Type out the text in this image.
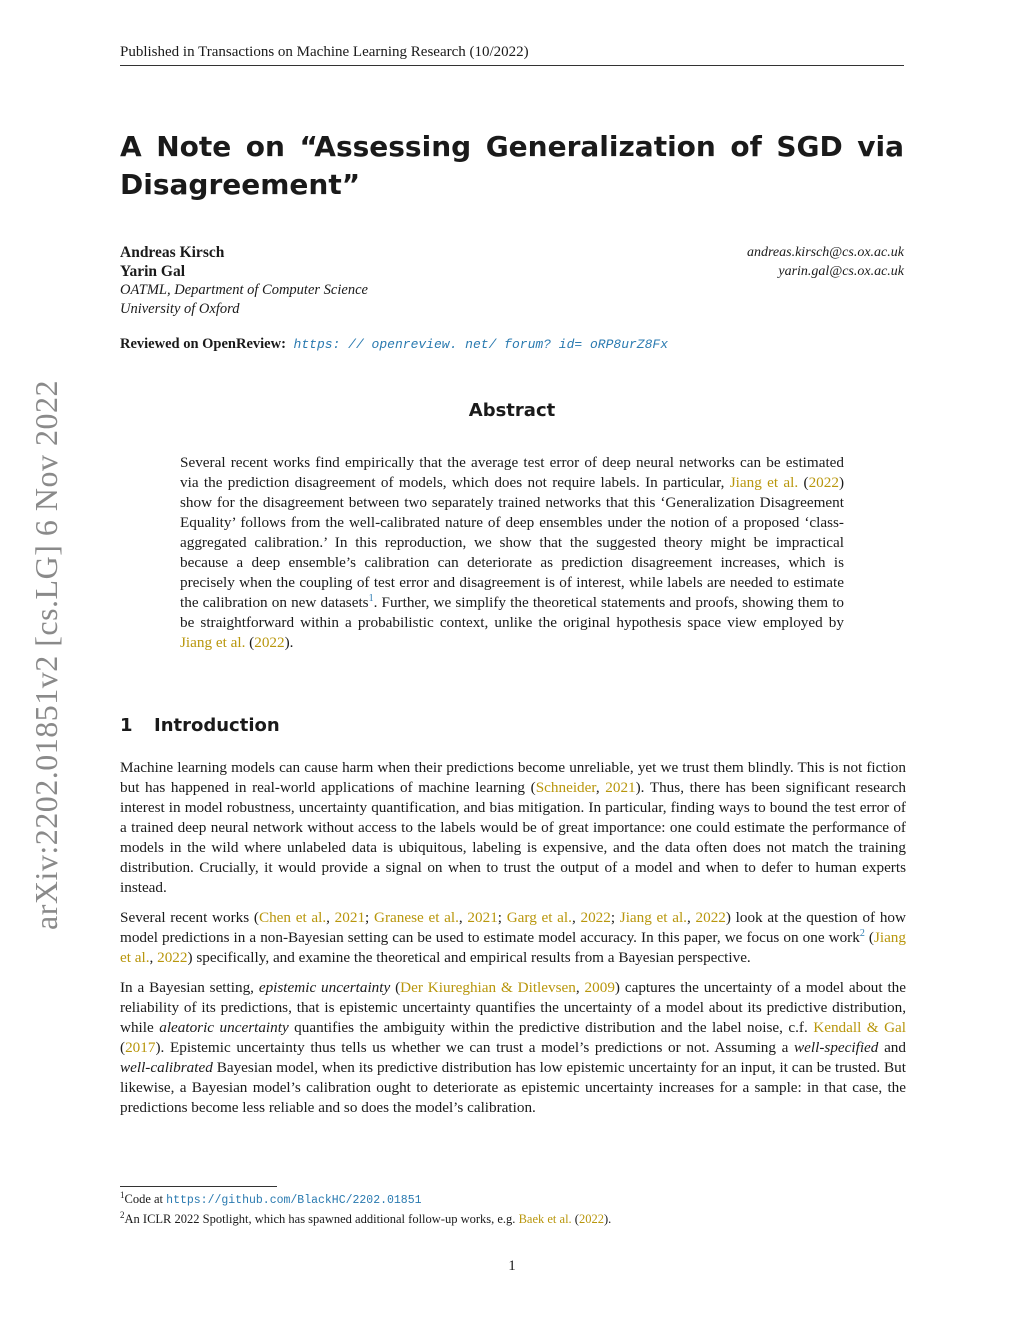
Published in Transactions on Machine Learning Research (10/2022)
arXiv:2202.01851v2 [cs.LG] 6 Nov 2022
A Note on “Assessing Generalization of SGD via
Disagreement”
Andreas Kirsch	andreas.kirsch@cs.ox.ac.uk
Yarin Gal	yarin.gal@cs.ox.ac.uk
OATML, Department of Computer Science
University of Oxford
Reviewed on OpenReview: https: // openreview. net/ forum? id= oRP8urZ8Fx
Abstract
Several recent works find empirically that the average test error of deep neural networks can be estimated via the prediction disagreement of models, which does not require labels. In particular, Jiang et al. (2022) show for the disagreement between two separately trained networks that this ‘Generalization Disagreement Equality’ follows from the well-calibrated nature of deep ensembles under the notion of a proposed ‘class-aggregated calibration.’ In this reproduction, we show that the suggested theory might be impractical because a deep ensemble’s calibration can deteriorate as prediction disagreement increases, which is precisely when the coupling of test error and disagreement is of interest, while labels are needed to estimate the calibration on new datasets$^1$. Further, we simplify the theoretical statements and proofs, showing them to be straightforward within a probabilistic context, unlike the original hypothesis space view employed by Jiang et al. (2022).
1 Introduction

Machine learning models can cause harm when their predictions become unreliable, yet we trust them blindly. This is not fiction but has happened in real-world applications of machine learning (Schneider, 2021). Thus, there has been significant research interest in model robustness, uncertainty quantification, and bias mitigation. In particular, finding ways to bound the test error of a trained deep neural network without access to the labels would be of great importance: one could estimate the performance of models in the wild where unlabeled data is ubiquitous, labeling is expensive, and the data often does not match the training distribution. Crucially, it would provide a signal on when to trust the output of a model and when to defer to human experts instead.

Several recent works (Chen et al., 2021; Granese et al., 2021; Garg et al., 2022; Jiang et al., 2022) look at the question of how model predictions in a non-Bayesian setting can be used to estimate model accuracy. In this paper, we focus on one work$^2$ (Jiang et al., 2022) specifically, and examine the theoretical and empirical results from a Bayesian perspective.

In a Bayesian setting, epistemic uncertainty (Der Kiureghian & Ditlevsen, 2009) captures the uncertainty of a model about the reliability of its predictions, that is epistemic uncertainty quantifies the uncertainty of a model about its predictive distribution, while aleatoric uncertainty quantifies the ambiguity within the predictive distribution and the label noise, c.f. Kendall & Gal (2017). Epistemic uncertainty thus tells us whether we can trust a model’s predictions or not. Assuming a well-specified and well-calibrated Bayesian model, when its predictive distribution has low epistemic uncertainty for an input, it can be trusted. But likewise, a Bayesian model’s calibration ought to deteriorate as epistemic uncertainty increases for a sample: in that case, the predictions become less reliable and so does the model’s calibration.

$^1$Code at https://github.com/BlackHC/2202.01851
$^2$An ICLR 2022 Spotlight, which has spawned additional follow-up works, e.g. Baek et al. (2022).
1
